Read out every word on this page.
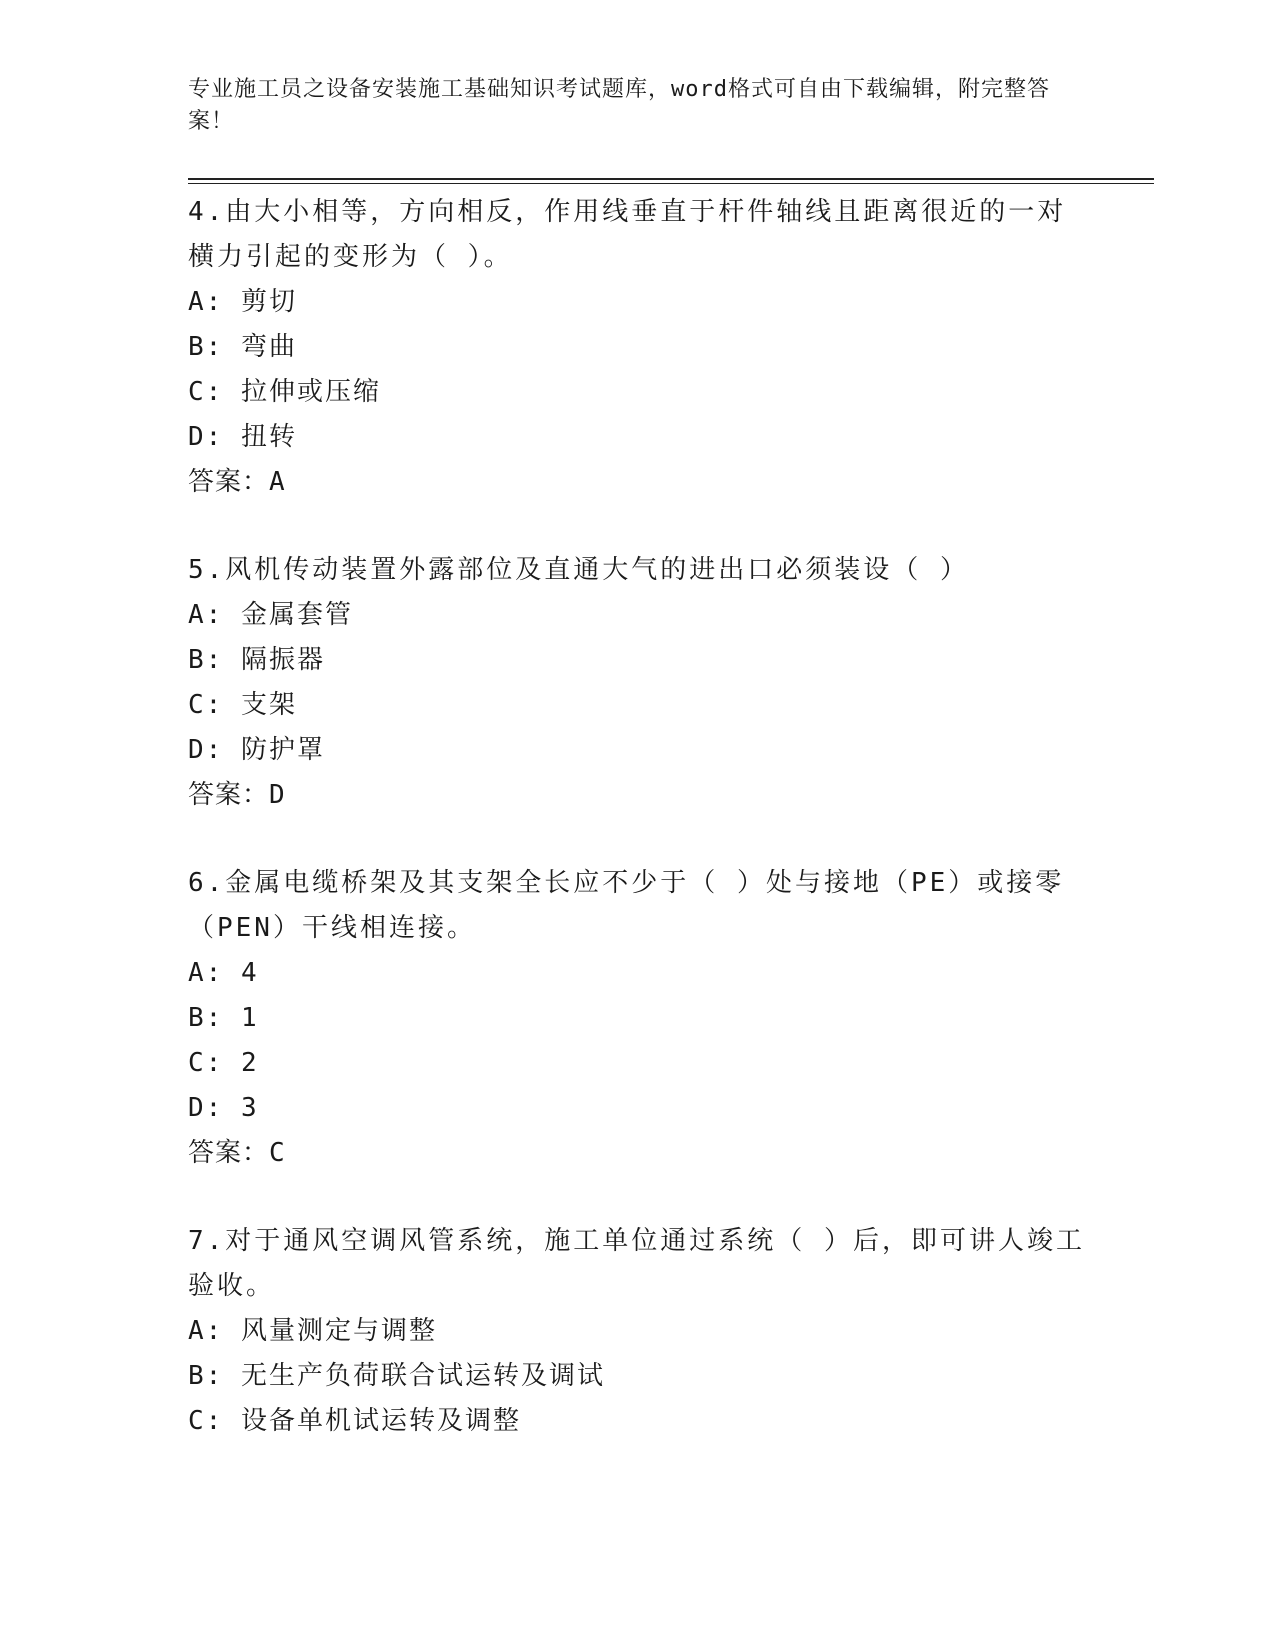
专业施工员之设备安装施工基础知识考试题库，word格式可自由下载编辑，附完整答案！

4.由大小相等，方向相反，作用线垂直于杆件轴线且距离很近的一对横力引起的变形为（ ）。

A: 剪切

B: 弯曲

C: 拉伸或压缩

D: 扭转

答案：A

5.风机传动装置外露部位及直通大气的进出口必须装设（ ）

A: 金属套管

B: 隔振器

C: 支架

D: 防护罩

答案：D

6.金属电缆桥架及其支架全长应不少于（ ）处与接地（PE）或接零（PEN）干线相连接。

A: 4

B: 1

C: 2

D: 3

答案：C

7.对于通风空调风管系统，施工单位通过系统（ ）后，即可讲人竣工验收。

A: 风量测定与调整

B: 无生产负荷联合试运转及调试

C: 设备单机试运转及调整
